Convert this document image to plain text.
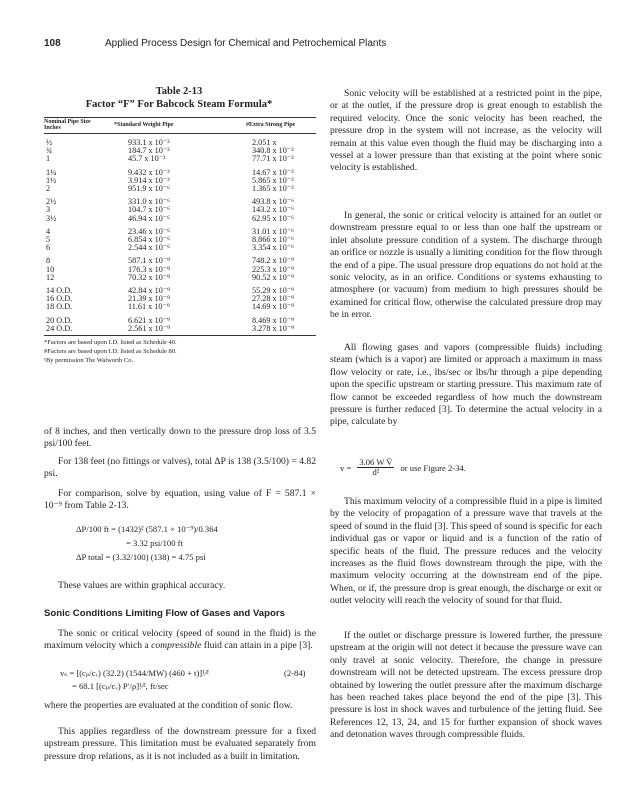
108	Applied Process Design for Chemical and Petrochemical Plants
Table 2-13
Factor “F” For Babcock Steam Formula*
Nominal Pipe Size Inches	*Standard Weight Pipe	#Extra Strong Pipe

½	933.1 x 10⁻³	2.051 x
¾	184.7 x 10⁻³	340.8 x 10⁻³
1	45.7 x 10⁻³	77.71 x 10⁻³

1¼	9.432 x 10⁻³	14.67 x 10⁻³
1½	3.914 x 10⁻³	5.865 x 10⁻³
2	951.9 x 10⁻⁶	1.365 x 10⁻³

2½	331.0 x 10⁻⁶	493.8 x 10⁻⁶
3	104.7 x 10⁻⁶	143.2 x 10⁻⁶
3½	46.94 x 10⁻⁶	62.95 x 10⁻⁶

4	23.46 x 10⁻⁶	31.01 x 10⁻⁶
5	6.854 x 10⁻⁶	8.866 x 10⁻⁶
6	2.544 x 10⁻⁶	3.354 x 10⁻⁶

8	587.1 x 10⁻⁹	748.2 x 10⁻⁹
10	176.3 x 10⁻⁹	225.3 x 10⁻⁹
12	70.32 x 10⁻⁹	90.52 x 10⁻⁹

14 O.D.	42.84 x 10⁻⁹	55.29 x 10⁻⁹
16 O.D.	21.39 x 10⁻⁹	27.28 x 10⁻⁹
18 O.D.	11.61 x 10⁻⁹	14.69 x 10⁻⁹

20 O.D.	6.621 x 10⁻⁹	8.469 x 10⁻⁹
24 O.D.	2.561 x 10⁻⁹	3.278 x 10⁻⁹
*Factors are based upon I.D. listed as Schedule 40.
#Factors are based upon I.D. listed as Schedule 80.
¹By permission The Walworth Co.
of 8 inches, and then vertically down to the pressure drop loss of 3.5 psi/100 feet.
For 138 feet (no fittings or valves), total ΔP is 138 (3.5/100) = 4.82 psi.
For comparison, solve by equation, using value of F = 587.1 × 10⁻⁹ from Table 2-13.
ΔP/100 ft = (1432)² (587.1 × 10⁻⁹)/0.364
= 3.32 psi/100 ft
ΔP total = (3.32/100) (138) = 4.75 psi
These values are within graphical accuracy.
Sonic Conditions Limiting Flow of Gases and Vapors
The sonic or critical velocity (speed of sound in the fluid) is the maximum velocity which a compressible fluid can attain in a pipe [3].
vₛ = [(cₚ/cᵥ) (32.2) (1544/MW) (460 + t)]¹⁄²	(2-84)
= 68.1 [(cₚ/cᵥ) P′/ρ]¹⁄², ft/sec
where the properties are evaluated at the condition of sonic flow.
This applies regardless of the downstream pressure for a fixed upstream pressure. This limitation must be evaluated separately from pressure drop relations, as it is not included as a built in limitation.
Sonic velocity will be established at a restricted point in the pipe, or at the outlet, if the pressure drop is great enough to establish the required velocity. Once the sonic velocity has been reached, the pressure drop in the system will not increase, as the velocity will remain at this value even though the fluid may be discharging into a vessel at a lower pressure than that existing at the point where sonic velocity is established.
In general, the sonic or critical velocity is attained for an outlet or downstream pressure equal to or less than one half the upstream or inlet absolute pressure condition of a system. The discharge through an orifice or nozzle is usually a limiting condition for the flow through the end of a pipe. The usual pressure drop equations do not hold at the sonic velocity, as in an orifice. Conditions or systems exhausting to atmosphere (or vacuum) from medium to high pressures should be examined for critical flow, otherwise the calculated pressure drop may be in error.
All flowing gases and vapors (compressible fluids) including steam (which is a vapor) are limited or approach a maximum in mass flow velocity or rate, i.e., lbs/sec or lbs/hr through a pipe depending upon the specific upstream or starting pressure. This maximum rate of flow cannot be exceeded regardless of how much the downstream pressure is further reduced [3]. To determine the actual velocity in a pipe, calculate by
$v = \frac{\text{3.06 W V̄}}{\text{d²}}$ or use Figure 2-34.
This maximum velocity of a compressible fluid in a pipe is limited by the velocity of propagation of a pressure wave that travels at the speed of sound in the fluid [3]. This speed of sound is specific for each individual gas or vapor or liquid and is a function of the ratio of specific heats of the fluid. The pressure reduces and the velocity increases as the fluid flows downstream through the pipe, with the maximum velocity occurring at the downstream end of the pipe. When, or if, the pressure drop is great enough, the discharge or exit or outlet velocity will reach the velocity of sound for that fluid.
If the outlet or discharge pressure is lowered further, the pressure upstream at the origin will not detect it because the pressure wave can only travel at sonic velocity. Therefore, the change in pressure downstream will not be detected upstream. The excess pressure drop obtained by lowering the outlet pressure after the maximum discharge has been reached takes place beyond the end of the pipe [3]. This pressure is lost in shock waves and turbulence of the jetting fluid. See References 12, 13, 24, and 15 for further expansion of shock waves and detonation waves through compressible fluids.
